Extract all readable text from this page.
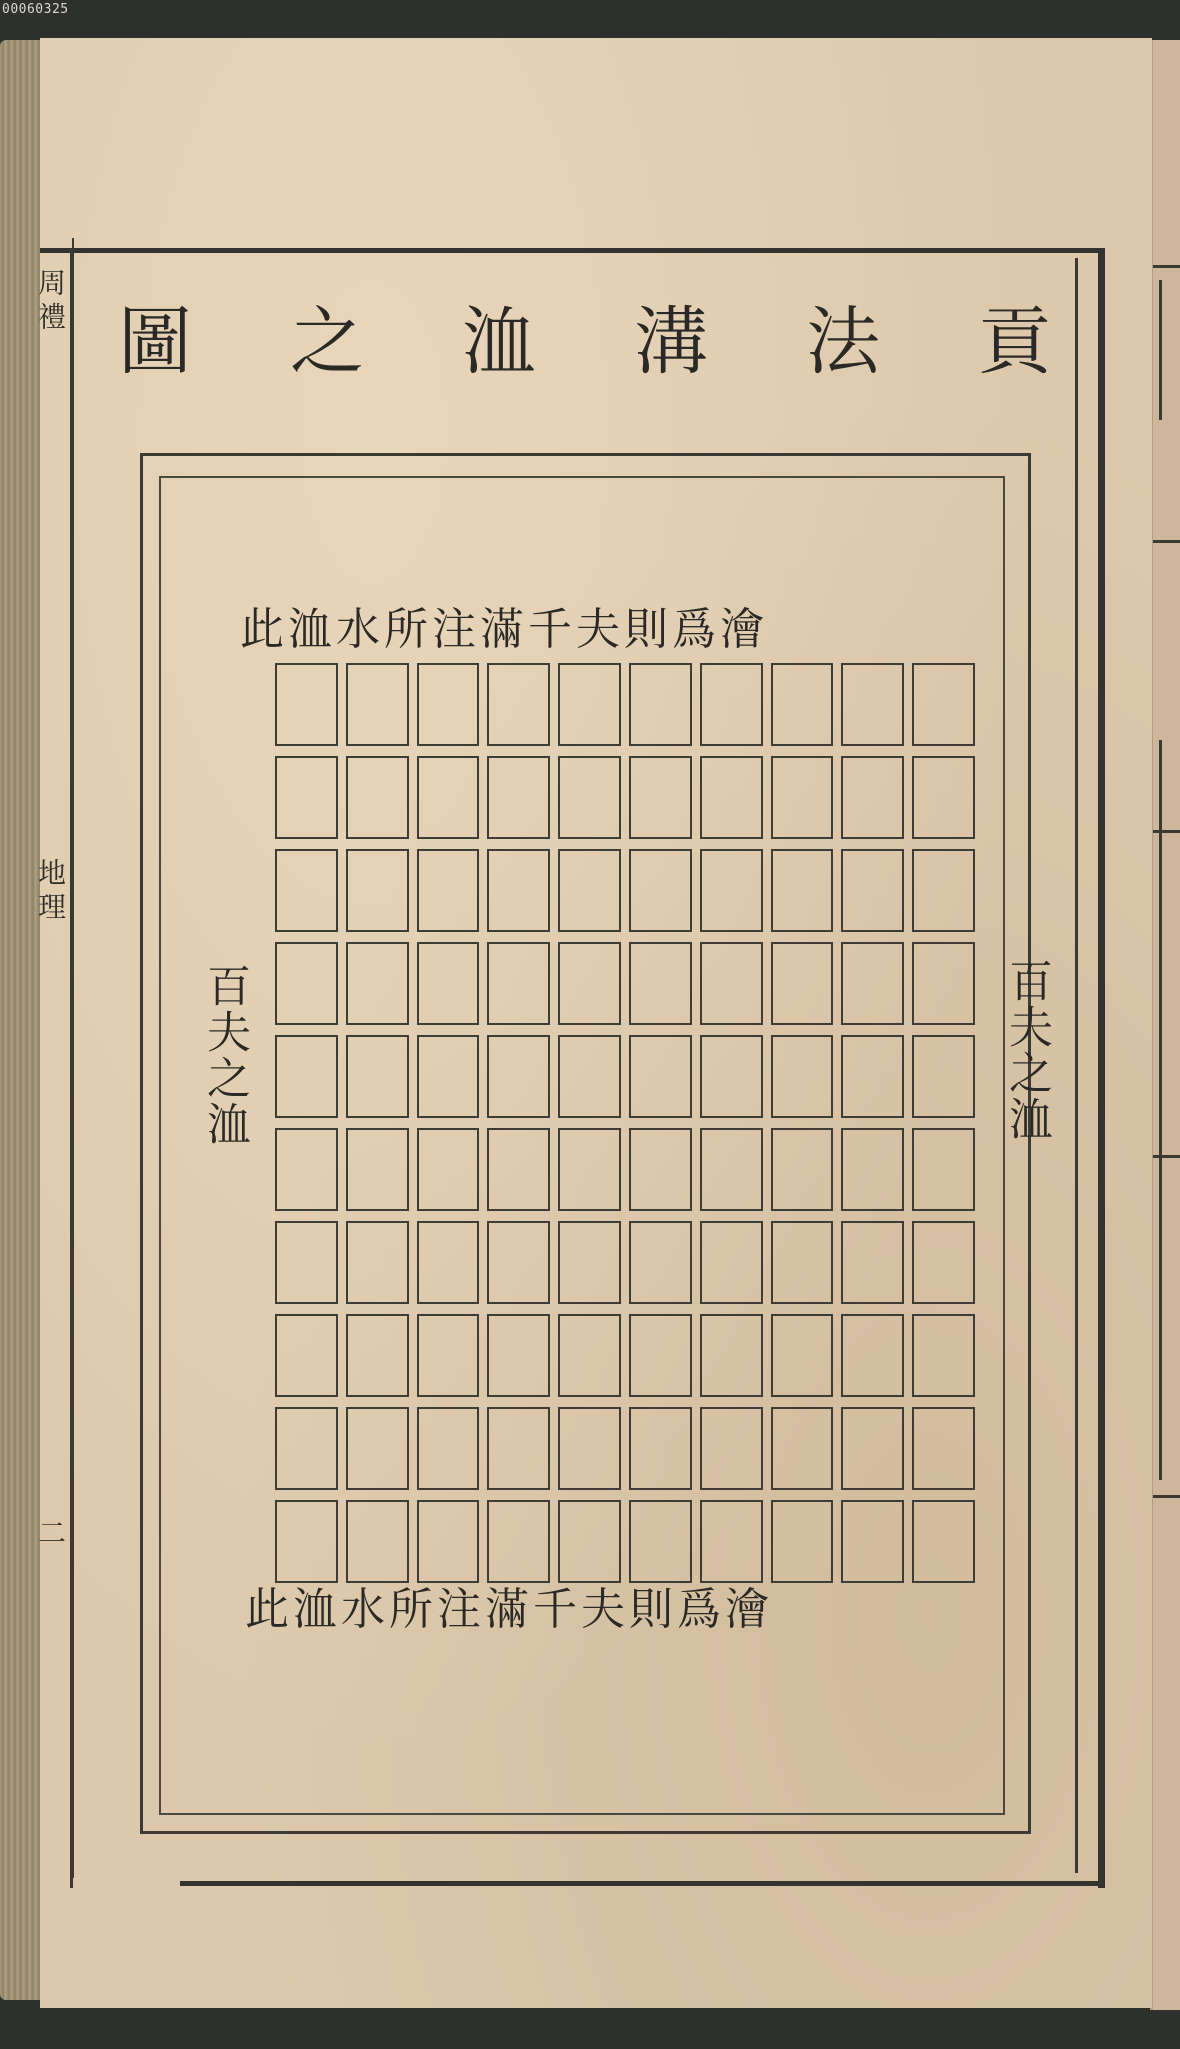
00060325
周禮
地理
二
貢
法
溝
洫
之
圖
此洫水所注滿千夫則爲澮
此洫水所注滿千夫則爲澮
百夫之洫	百夫之洫
